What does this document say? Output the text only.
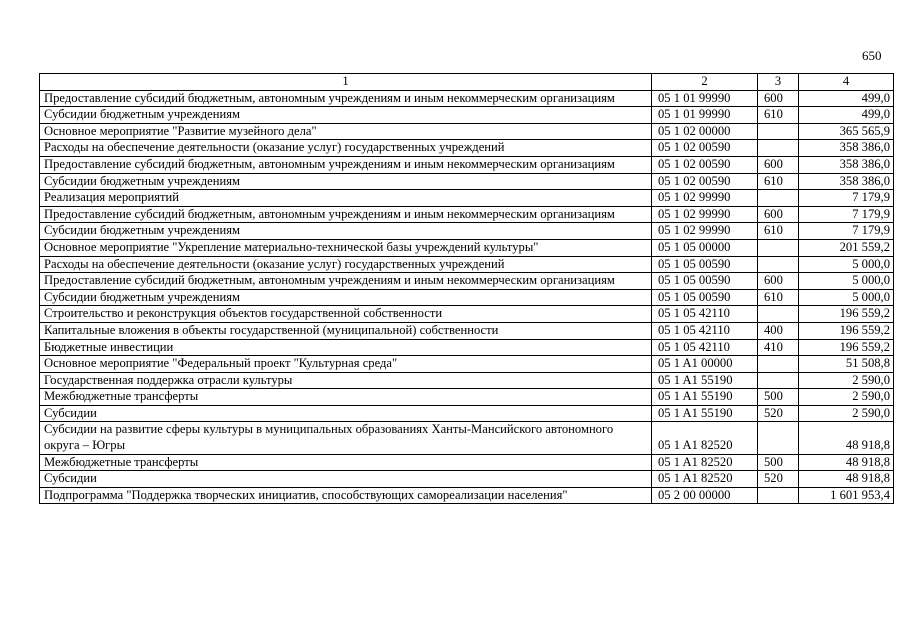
650
1	2	3	4
Предоставление субсидий бюджетным, автономным учреждениям и иным некоммерческим организациям	05 1 01 99990	600	499,0
Субсидии бюджетным учреждениям	05 1 01 99990	610	499,0
Основное мероприятие "Развитие музейного дела"	05 1 02 00000		365 565,9
Расходы на обеспечение деятельности (оказание услуг) государственных учреждений	05 1 02 00590		358 386,0
Предоставление субсидий бюджетным, автономным учреждениям и иным некоммерческим организациям	05 1 02 00590	600	358 386,0
Субсидии бюджетным учреждениям	05 1 02 00590	610	358 386,0
Реализация мероприятий	05 1 02 99990		7 179,9
Предоставление субсидий бюджетным, автономным учреждениям и иным некоммерческим организациям	05 1 02 99990	600	7 179,9
Субсидии бюджетным учреждениям	05 1 02 99990	610	7 179,9
Основное мероприятие "Укрепление материально-технической базы учреждений культуры"	05 1 05 00000		201 559,2
Расходы на обеспечение деятельности (оказание услуг) государственных учреждений	05 1 05 00590		5 000,0
Предоставление субсидий бюджетным, автономным учреждениям и иным некоммерческим организациям	05 1 05 00590	600	5 000,0
Субсидии бюджетным учреждениям	05 1 05 00590	610	5 000,0
Строительство и реконструкция объектов государственной собственности	05 1 05 42110		196 559,2
Капитальные вложения в объекты государственной (муниципальной) собственности	05 1 05 42110	400	196 559,2
Бюджетные инвестиции	05 1 05 42110	410	196 559,2
Основное мероприятие "Федеральный проект "Культурная среда"	05 1 A1 00000		51 508,8
Государственная поддержка отрасли культуры	05 1 A1 55190		2 590,0
Межбюджетные трансферты	05 1 A1 55190	500	2 590,0
Субсидии	05 1 A1 55190	520	2 590,0
Субсидии на развитие сферы культуры в муниципальных образованиях Ханты-Мансийского автономного округа – Югры	05 1 A1 82520		48 918,8
Межбюджетные трансферты	05 1 A1 82520	500	48 918,8
Субсидии	05 1 A1 82520	520	48 918,8
Подпрограмма "Поддержка творческих инициатив, способствующих самореализации населения"	05 2 00 00000		1 601 953,4
